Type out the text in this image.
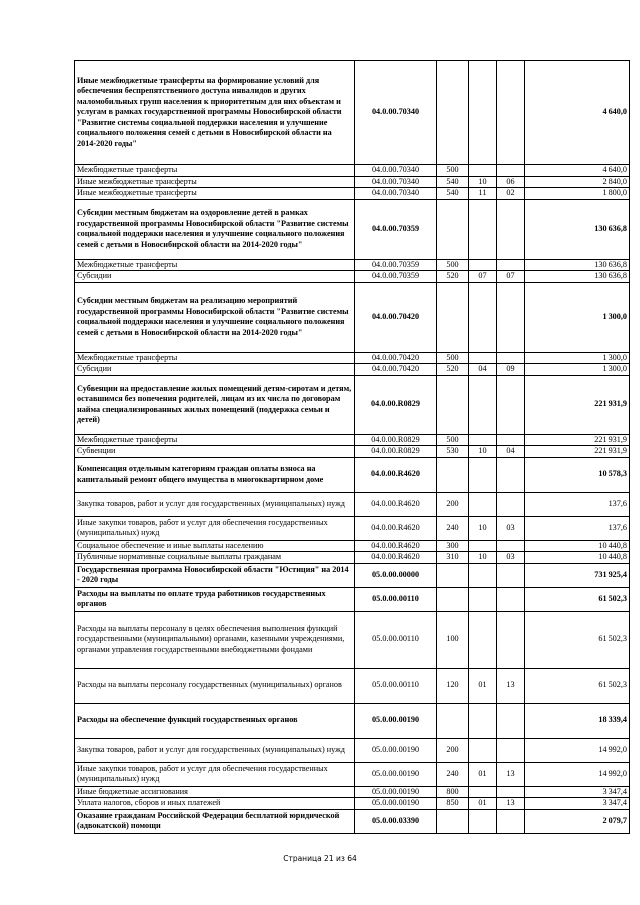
Иные межбюджетные трансферты на формирование условий для обеспечения беспрепятственного доступа инвалидов и других маломобильных групп населения к приоритетным для них объектам и услугам в рамках государственной программы Новосибирской области "Развитие системы социальной поддержки населения и улучшение социального положения семей с детьми в Новосибирской области на 2014-2020 годы"	04.0.00.70340				4 640,0
Межбюджетные трансферты	04.0.00.70340	500			4 640,0
Иные межбюджетные трансферты	04.0.00.70340	540	10	06	2 840,0
Иные межбюджетные трансферты	04.0.00.70340	540	11	02	1 800,0
Субсидии местным бюджетам на оздоровление детей в рамках государственной программы Новосибирской области "Развитие системы социальной поддержки населения и улучшение социального положения семей с детьми в Новосибирской области на 2014-2020 годы"	04.0.00.70359				130 636,8
Межбюджетные трансферты	04.0.00.70359	500			130 636,8
Субсидии	04.0.00.70359	520	07	07	130 636,8
Субсидии местным бюджетам на реализацию мероприятий государственной программы Новосибирской области "Развитие системы социальной поддержки населения и улучшение социального положения семей с детьми в Новосибирской области на 2014-2020 годы"	04.0.00.70420				1 300,0
Межбюджетные трансферты	04.0.00.70420	500			1 300,0
Субсидии	04.0.00.70420	520	04	09	1 300,0
Субвенции на предоставление жилых помещений детям-сиротам и детям, оставшимся без попечения родителей, лицам из их числа по договорам найма специализированных жилых помещений (поддержка семьи и детей)	04.0.00.R0829				221 931,9
Межбюджетные трансферты	04.0.00.R0829	500			221 931,9
Субвенции	04.0.00.R0829	530	10	04	221 931,9
Компенсация отдельным категориям граждан оплаты взноса на капитальный ремонт общего имущества в многоквартирном доме	04.0.00.R4620				10 578,3
Закупка товаров, работ и услуг для государственных (муниципальных) нужд	04.0.00.R4620	200			137,6
Иные закупки товаров, работ и услуг для обеспечения государственных (муниципальных) нужд	04.0.00.R4620	240	10	03	137,6
Социальное обеспечение и иные выплаты населению	04.0.00.R4620	300			10 440,8
Публичные нормативные социальные выплаты гражданам	04.0.00.R4620	310	10	03	10 440,8
Государственная программа Новосибирской области "Юстиция" на 2014 - 2020 годы	05.0.00.00000				731 925,4
Расходы на выплаты по оплате труда работников государственных органов	05.0.00.00110				61 502,3
Расходы на выплаты персоналу в целях обеспечения выполнения функций государственными (муниципальными) органами, казенными учреждениями, органами управления государственными внебюджетными фондами	05.0.00.00110	100			61 502,3
Расходы на выплаты персоналу государственных (муниципальных) органов	05.0.00.00110	120	01	13	61 502,3
Расходы на обеспечение функций государственных органов	05.0.00.00190				18 339,4
Закупка товаров, работ и услуг для государственных (муниципальных) нужд	05.0.00.00190	200			14 992,0
Иные закупки товаров, работ и услуг для обеспечения государственных (муниципальных) нужд	05.0.00.00190	240	01	13	14 992,0
Иные бюджетные ассигнования	05.0.00.00190	800			3 347,4
Уплата налогов, сборов и иных платежей	05.0.00.00190	850	01	13	3 347,4
Оказание гражданам Российской Федерации бесплатной юридической (адвокатской) помощи	05.0.00.03390				2 079,7
Страница 21 из 64
